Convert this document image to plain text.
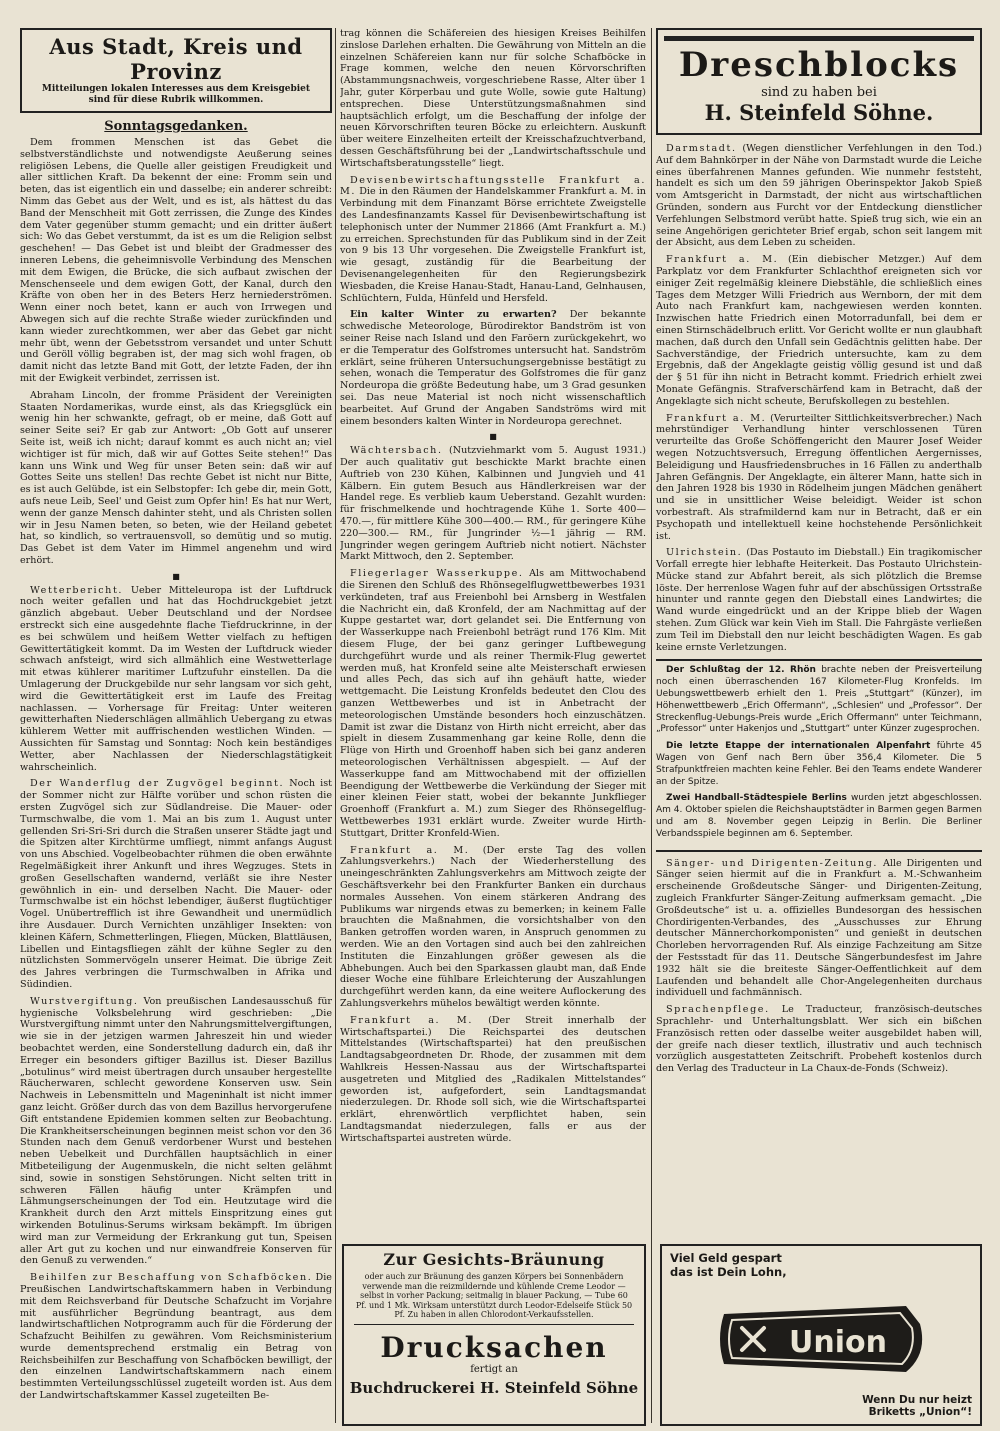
Aus Stadt, Kreis und Provinz
Mitteilungen lokalen Interesses aus dem Kreisgebiet
sind für diese Rubrik willkommen.
Sonntagsgedanken.

Dem frommen Menschen ist das Gebet die selbstverständlichste und notwendigste Aeußerung seines religiösen Lebens, die Quelle aller geistigen Freudigkeit und aller sittlichen Kraft. Da bekennt der eine: Fromm sein und beten, das ist eigentlich ein und dasselbe; ein anderer schreibt: Nimm das Gebet aus der Welt, und es ist, als hättest du das Band der Menschheit mit Gott zerrissen, die Zunge des Kindes dem Vater gegenüber stumm gemacht; und ein dritter äußert sich: Wo das Gebet verstummt, da ist es um die Religion selbst geschehen! — Das Gebet ist und bleibt der Gradmesser des inneren Lebens, die geheimnisvolle Verbindung des Menschen mit dem Ewigen, die Brücke, die sich aufbaut zwischen der Menschenseele und dem ewigen Gott, der Kanal, durch den Kräfte von oben her in des Beters Herz herniederströmen. Wenn einer noch betet, kann er auch von Irrwegen und Abwegen sich auf die rechte Straße wieder zurückfinden und kann wieder zurechtkommen, wer aber das Gebet gar nicht mehr übt, wenn der Gebetsstrom versandet und unter Schutt und Geröll völlig begraben ist, der mag sich wohl fragen, ob damit nicht das letzte Band mit Gott, der letzte Faden, der ihn mit der Ewigkeit verbindet, zerrissen ist.

Abraham Lincoln, der fromme Präsident der Vereinigten Staaten Nordamerikas, wurde einst, als das Kriegsglück ein wenig hin her schwankte, gefragt, ob er meine, daß Gott auf seiner Seite sei? Er gab zur Antwort: „Ob Gott auf unserer Seite ist, weiß ich nicht; darauf kommt es auch nicht an; viel wichtiger ist für mich, daß wir auf Gottes Seite stehen!“ Das kann uns Wink und Weg für unser Beten sein: daß wir auf Gottes Seite uns stellen! Das rechte Gebet ist nicht nur Bitte, es ist auch Gelübde, ist ein Selbstopfer: Ich gebe dir, mein Gott, aufs neue Leib, Seel' und Geist zum Opfer hin! Es hat nur Wert, wenn der ganze Mensch dahinter steht, und als Christen sollen wir in Jesu Namen beten, so beten, wie der Heiland gebetet hat, so kindlich, so vertrauensvoll, so demütig und so mutig. Das Gebet ist dem Vater im Himmel angenehm und wird erhört.

■

Wetterbericht. Ueber Mitteleuropa ist der Luftdruck noch weiter gefallen und hat das Hochdruckgebiet jetzt gänzlich abgebaut. Ueber Deutschland und der Nordsee erstreckt sich eine ausgedehnte flache Tiefdruckrinne, in der es bei schwülem und heißem Wetter vielfach zu heftigen Gewittertätigkeit kommt. Da im Westen der Luftdruck wieder schwach anfsteigt, wird sich allmählich eine Westwetterlage mit etwas kühlerer maritimer Luftzufuhr einstellen. Da die Umlagerung der Druckgebilde nur sehr langsam vor sich geht, wird die Gewittertätigkeit erst im Laufe des Freitag nachlassen. — Vorhersage für Freitag: Unter weiteren gewitterhaften Niederschlägen allmählich Uebergang zu etwas kühlerem Wetter mit auffrischenden westlichen Winden. — Aussichten für Samstag und Sonntag: Noch kein beständiges Wetter, aber Nachlassen der Niederschlagstätigkeit wahrscheinlich.

Der Wanderflug der Zugvögel beginnt. Noch ist der Sommer nicht zur Hälfte vorüber und schon rüsten die ersten Zugvögel sich zur Südlandreise. Die Mauer- oder Turmschwalbe, die vom 1. Mai an bis zum 1. August unter gellenden Sri-Sri-Sri durch die Straßen unserer Städte jagt und die Spitzen alter Kirchtürme umfliegt, nimmt anfangs August von uns Abschied. Vogelbeobachter rühmen die oben erwähnte Regelmäßigkeit ihrer Ankunft und ihres Wegzuges. Stets in großen Gesellschaften wandernd, verläßt sie ihre Nester gewöhnlich in ein- und derselben Nacht. Die Mauer- oder Turmschwalbe ist ein höchst lebendiger, äußerst flugtüchtiger Vogel. Unübertrefflich ist ihre Gewandheit und unermüdlich ihre Ausdauer. Durch Vernichten unzähliger Insekten: von kleinen Käfern, Schmetterlingen, Fliegen, Mücken, Blattläusen, Libellen und Eintagsfliegen zählt der kühne Segler zu den nützlichsten Sommervögeln unserer Heimat. Die übrige Zeit des Jahres verbringen die Turmschwalben in Afrika und Südindien.

Wurstvergiftung. Von preußischen Landesausschuß für hygienische Volksbelehrung wird geschrieben: „Die Wurstvergiftung nimmt unter den Nahrungsmittelvergiftungen, wie sie in der jetzigen warmen Jahreszeit hin und wieder beobachtet werden, eine Sonderstellung dadurch ein, daß ihr Erreger ein besonders giftiger Bazillus ist. Dieser Bazillus „botulinus“ wird meist übertragen durch unsauber hergestellte Räucherwaren, schlecht gewordene Konserven usw. Sein Nachweis in Lebensmitteln und Mageninhalt ist nicht immer ganz leicht. Größer durch das von dem Bazillus hervorgerufene Gift entstandene Epidemien kommen selten zur Beobachtung. Die Krankheitserscheinungen beginnen meist schon vor den 36 Stunden nach dem Genuß verdorbener Wurst und bestehen neben Uebelkeit und Durchfällen hauptsächlich in einer Mitbeteiligung der Augenmuskeln, die nicht selten gelähmt sind, sowie in sonstigen Sehstörungen. Nicht selten tritt in schweren Fällen häufig unter Krämpfen und Lähmungserscheinungen der Tod ein. Heutzutage wird die Krankheit durch den Arzt mittels Einspritzung eines gut wirkenden Botulinus-Serums wirksam bekämpft. Im übrigen wird man zur Vermeidung der Erkrankung gut tun, Speisen aller Art gut zu kochen und nur einwandfreie Konserven für den Genuß zu verwenden.“

Beihilfen zur Beschaffung von Schafböcken. Die Preußischen Landwirtschaftskammern haben in Verbindung mit dem Reichsverband für Deutsche Schafzucht im Vorjahre mit ausführlicher Begründung beantragt, aus dem landwirtschaftlichen Notprogramm auch für die Förderung der Schafzucht Beihilfen zu gewähren. Vom Reichsministerium wurde dementsprechend erstmalig ein Betrag von Reichsbeihilfen zur Beschaffung von Schafböcken bewilligt, der den einzelnen Landwirtschaftskammern nach einem bestimmten Verteilungsschlüssel zugeteilt worden ist. Aus dem der Landwirtschaftskammer Kassel zugeteilten Be-

trag können die Schäfereien des hiesigen Kreises Beihilfen zinslose Darlehen erhalten. Die Gewährung von Mitteln an die einzelnen Schäfereien kann nur für solche Schafböcke in Frage kommen, welche den neuen Körvorschriften (Abstammungsnachweis, vorgeschriebene Rasse, Alter über 1 Jahr, guter Körperbau und gute Wolle, sowie gute Haltung) entsprechen. Diese Unterstützungsmaßnahmen sind hauptsächlich erfolgt, um die Beschaffung der infolge der neuen Körvorschriften teuren Böcke zu erleichtern. Auskunft über weitere Einzelheiten erteilt der Kreisschafzuchtverband, dessen Geschäftsführung bei der „Landwirtschaftsschule und Wirtschaftsberatungsstelle“ liegt.

Devisenbewirtschaftungsstelle Frankfurt a. M. Die in den Räumen der Handelskammer Frankfurt a. M. in Verbindung mit dem Finanzamt Börse errichtete Zweigstelle des Landesfinanzamts Kassel für Devisenbewirtschaftung ist telephonisch unter der Nummer 21866 (Amt Frankfurt a. M.) zu erreichen. Sprechstunden für das Publikum sind in der Zeit von 9 bis 13 Uhr vorgesehen. Die Zweigstelle Frankfurt ist, wie gesagt, zuständig für die Bearbeitung der Devisenangelegenheiten für den Regierungsbezirk Wiesbaden, die Kreise Hanau-Stadt, Hanau-Land, Gelnhausen, Schlüchtern, Fulda, Hünfeld und Hersfeld.

Ein kalter Winter zu erwarten? Der bekannte schwedische Meteorologe, Bürodirektor Bandström ist von seiner Reise nach Island und den Faröern zurückgekehrt, wo er die Temperatur des Golfstromes untersucht hat. Sandström erklärt, seine früheren Untersuchungsergebnisse bestätigt zu sehen, wonach die Temperatur des Golfstromes die für ganz Nordeuropa die größte Bedeutung habe, um 3 Grad gesunken sei. Das neue Material ist noch nicht wissenschaftlich bearbeitet. Auf Grund der Angaben Sandströms wird mit einem besonders kalten Winter in Nordeuropa gerechnet.

■

Wächtersbach. (Nutzviehmarkt vom 5. August 1931.) Der auch qualitativ gut beschickte Markt brachte einen Auftrieb von 230 Kühen, Kalbinnen und Jungvieh und 41 Kälbern. Ein gutem Besuch aus Händlerkreisen war der Handel rege. Es verblieb kaum Ueberstand. Gezahlt wurden: für frischmelkende und hochtragende Kühe 1. Sorte 400—470.—, für mittlere Kühe 300—400.— RM., für geringere Kühe 220—300.— RM., für Jungrinder ½—1 jährig — RM. Jungrinder wegen geringem Auftrieb nicht notiert. Nächster Markt Mittwoch, den 2. September.

Fliegerlager Wasserkuppe. Als am Mittwochabend die Sirenen den Schluß des Rhönsegelflugwettbewerbes 1931 verkündeten, traf aus Freienbohl bei Arnsberg in Westfalen die Nachricht ein, daß Kronfeld, der am Nachmittag auf der Kuppe gestartet war, dort gelandet sei. Die Entfernung von der Wasserkuppe nach Freienbohl beträgt rund 176 Klm. Mit diesem Fluge, der bei ganz geringer Luftbewegung durchgeführt wurde und als reiner Thermik-Flug gewertet werden muß, hat Kronfeld seine alte Meisterschaft erwiesen und alles Pech, das sich auf ihn gehäuft hatte, wieder wettgemacht. Die Leistung Kronfelds bedeutet den Clou des ganzen Wettbewerbes und ist in Anbetracht der meteorologischen Umstände besonders hoch einzuschätzen. Damit ist zwar die Distanz von Hirth nicht erreicht, aber das spielt in diesem Zusammenhang gar keine Rolle, denn die Flüge von Hirth und Groenhoff haben sich bei ganz anderen meteorologischen Verhältnissen abgespielt. — Auf der Wasserkuppe fand am Mittwochabend mit der offiziellen Beendigung der Wettbewerbe die Verkündung der Sieger mit einer kleinen Feier statt, wobei der bekannte Junkflieger Groenhoff (Frankfurt a. M.) zum Sieger des Rhönsegelflug-Wettbewerbes 1931 erklärt wurde. Zweiter wurde Hirth-Stuttgart, Dritter Kronfeld-Wien.

Frankfurt a. M. (Der erste Tag des vollen Zahlungsverkehrs.) Nach der Wiederherstellung des uneingeschränkten Zahlungsverkehrs am Mittwoch zeigte der Geschäftsverkehr bei den Frankfurter Banken ein durchaus normales Aussehen. Von einem stärkeren Andrang des Publikums war nirgends etwas zu bemerken; in keinem Falle brauchten die Maßnahmen, die vorsichtshalber von den Banken getroffen worden waren, in Anspruch genommen zu werden. Wie an den Vortagen sind auch bei den zahlreichen Instituten die Einzahlungen größer gewesen als die Abhebungen. Auch bei den Sparkassen glaubt man, daß Ende dieser Woche eine fühlbare Erleichterung der Auszahlungen durchgeführt werden kann, da eine weitere Auflockerung des Zahlungsverkehrs mühelos bewältigt werden könnte.

Frankfurt a. M. (Der Streit innerhalb der Wirtschaftspartei.) Die Reichspartei des deutschen Mittelstandes (Wirtschaftspartei) hat den preußischen Landtagsabgeordneten Dr. Rhode, der zusammen mit dem Wahlkreis Hessen-Nassau aus der Wirtschaftspartei ausgetreten und Mitglied des „Radikalen Mittelstandes“ geworden ist, aufgefordert, sein Landtagsmandat niederzulegen. Dr. Rhode soll sich, wie die Wirtschaftspartei erklärt, ehrenwörtlich verpflichtet haben, sein Landtagsmandat niederzulegen, falls er aus der Wirtschaftspartei austreten würde.

Dreschblocks
sind zu haben bei
H. Steinfeld Söhne.

Darmstadt. (Wegen dienstlicher Verfehlungen in den Tod.) Auf dem Bahnkörper in der Nähe von Darmstadt wurde die Leiche eines überfahrenen Mannes gefunden. Wie nunmehr feststeht, handelt es sich um den 59 jährigen Oberinspektor Jakob Spieß vom Amtsgericht in Darmstadt, der nicht aus wirtschaftlichen Gründen, sondern aus Furcht vor der Entdeckung dienstlicher Verfehlungen Selbstmord verübt hatte. Spieß trug sich, wie ein an seine Angehörigen gerichteter Brief ergab, schon seit langem mit der Absicht, aus dem Leben zu scheiden.

Frankfurt a. M. (Ein diebischer Metzger.) Auf dem Parkplatz vor dem Frankfurter Schlachthof ereigneten sich vor einiger Zeit regelmäßig kleinere Diebstähle, die schließlich eines Tages dem Metzger Willi Friedrich aus Wernborn, der mit dem Auto nach Frankfurt kam, nachgewiesen werden konnten. Inzwischen hatte Friedrich einen Motorradunfall, bei dem er einen Stirnschädelbruch erlitt. Vor Gericht wollte er nun glaubhaft machen, daß durch den Unfall sein Gedächtnis gelitten habe. Der Sachverständige, der Friedrich untersuchte, kam zu dem Ergebnis, daß der Angeklagte geistig völlig gesund ist und daß der § 51 für ihn nicht in Betracht kommt. Friedrich erhielt zwei Monate Gefängnis. Strafverschärfend kam in Betracht, daß der Angeklagte sich nicht scheute, Berufskollegen zu bestehlen.

Frankfurt a. M. (Verurteilter Sittlichkeitsverbrecher.) Nach mehrstündiger Verhandlung hinter verschlossenen Türen verurteilte das Große Schöffengericht den Maurer Josef Weider wegen Notzuchtsversuch, Erregung öffentlichen Aergernisses, Beleidigung und Hausfriedensbruches in 16 Fällen zu anderthalb Jahren Gefängnis. Der Angeklagte, ein älterer Mann, hatte sich in den Jahren 1928 bis 1930 in Rödelheim jungen Mädchen genähert und sie in unsittlicher Weise beleidigt. Weider ist schon vorbestraft. Als strafmildernd kam nur in Betracht, daß er ein Psychopath und intellektuell keine hochstehende Persönlichkeit ist.

Ulrichstein. (Das Postauto im Diebstall.) Ein tragikomischer Vorfall erregte hier lebhafte Heiterkeit. Das Postauto Ulrichstein-Mücke stand zur Abfahrt bereit, als sich plötzlich die Bremse löste. Der herrenlose Wagen fuhr auf der abschüssigen Ortsstraße hinunter und rannte gegen den Diebstall eines Landwirtes; die Wand wurde eingedrückt und an der Krippe blieb der Wagen stehen. Zum Glück war kein Vieh im Stall. Die Fahrgäste verließen zum Teil im Diebstall den nur leicht beschädigten Wagen. Es gab keine ernste Verletzungen.

Der Schlußtag der 12. Rhön brachte neben der Preisverteilung noch einen überraschenden 167 Kilometer-Flug Kronfelds. Im Uebungswettbewerb erhielt den 1. Preis „Stuttgart“ (Künzer), im Höhenwettbewerb „Erich Offermann“, „Schlesien“ und „Professor“. Der Streckenflug-Uebungs-Preis wurde „Erich Offermann“ unter Teichmann, „Professor“ unter Hakenjos und „Stuttgart“ unter Künzer zugesprochen.

Die letzte Etappe der internationalen Alpenfahrt führte 45 Wagen von Genf nach Bern über 356,4 Kilometer. Die 5 Strafpunktfreien machten keine Fehler. Bei den Teams endete Wanderer an der Spitze.

Zwei Handball-Städtespiele Berlins wurden jetzt abgeschlossen. Am 4. Oktober spielen die Reichshauptstädter in Barmen gegen Barmen und am 8. November gegen Leipzig in Berlin. Die Berliner Verbandsspiele beginnen am 6. September.

Sänger- und Dirigenten-Zeitung. Alle Dirigenten und Sänger seien hiermit auf die in Frankfurt a. M.-Schwanheim erscheinende Großdeutsche Sänger- und Dirigenten-Zeitung, zugleich Frankfurter Sänger-Zeitung aufmerksam gemacht. „Die Großdeutsche“ ist u. a. offizielles Bundesorgan des hessischen Chordirigenten-Verbandes, des „Ausschusses zur Ehrung deutscher Männerchorkomponisten“ und genießt in deutschen Chorleben hervorragenden Ruf. Als einzige Fachzeitung am Sitze der Festsstadt für das 11. Deutsche Sängerbundesfest im Jahre 1932 hält sie die breiteste Sänger-Oeffentlichkeit auf dem Laufenden und behandelt alle Chor-Angelegenheiten durchaus individuell und fachmännisch.

Sprachenpflege. Le Traducteur, französisch-deutsches Sprachlehr- und Unterhaltungsblatt. Wer sich ein bißchen Französisch retten oder dasselbe weiter ausgebildet haben will, der greife nach dieser textlich, illustrativ und auch technisch vorzüglich ausgestatteten Zeitschrift. Probeheft kostenlos durch den Verlag des Traducteur in La Chaux-de-Fonds (Schweiz).

Zur Gesichts-Bräunung
oder auch zur Bräunung des ganzen Körpers bei Sonnenbädern verwende man die reizmildernde und kühlende Creme Leodor — selbst in vorher Packung; seitmalig in blauer Packung, — Tube 60 Pf. und 1 Mk. Wirksam unterstützt durch Leodor-Edelseife Stück 50 Pf. Zu haben in allen Chlorodont-Verkaufsstellen.
Drucksachen
fertigt an
Buchdruckerei H. Steinfeld Söhne
Viel Geld gespart
das ist Dein Lohn,
Union
Wenn Du nur heizt
Briketts „Union“!
